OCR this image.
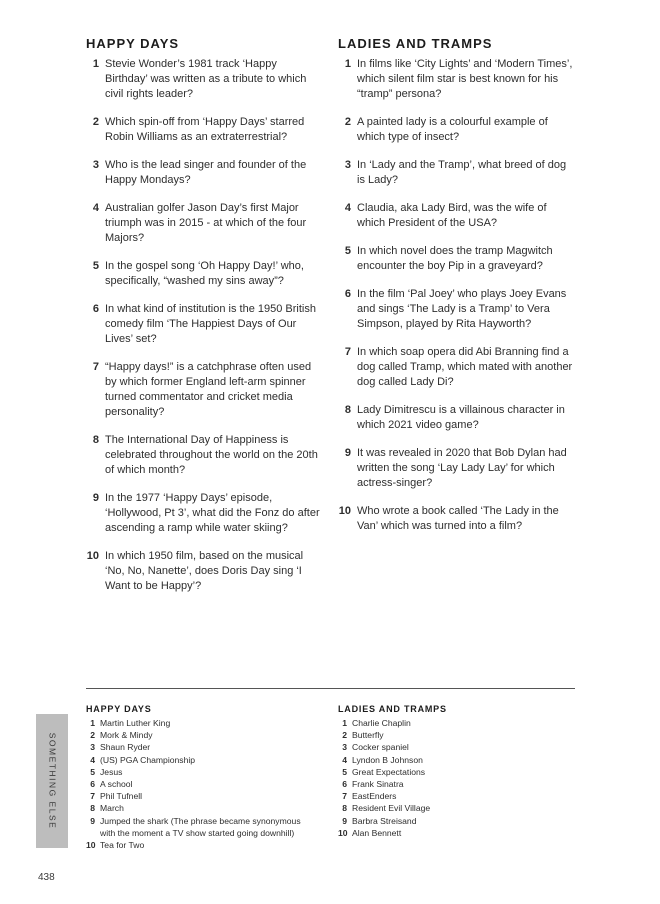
HAPPY DAYS
1 Stevie Wonder’s 1981 track ‘Happy Birthday’ was written as a tribute to which civil rights leader?
2 Which spin-off from ‘Happy Days’ starred Robin Williams as an extraterrestrial?
3 Who is the lead singer and founder of the Happy Mondays?
4 Australian golfer Jason Day’s first Major triumph was in 2015 - at which of the four Majors?
5 In the gospel song ‘Oh Happy Day!’ who, specifically, “washed my sins away”?
6 In what kind of institution is the 1950 British comedy film ‘The Happiest Days of Our Lives’ set?
7 “Happy days!” is a catchphrase often used by which former England left-arm spinner turned commentator and cricket media personality?
8 The International Day of Happiness is celebrated throughout the world on the 20th of which month?
9 In the 1977 ‘Happy Days’ episode, ‘Hollywood, Pt 3’, what did the Fonz do after ascending a ramp while water skiing?
10 In which 1950 film, based on the musical ‘No, No, Nanette’, does Doris Day sing ‘I Want to be Happy’?
LADIES AND TRAMPS
1 In films like ‘City Lights’ and ‘Modern Times’, which silent film star is best known for his “tramp” persona?
2 A painted lady is a colourful example of which type of insect?
3 In ‘Lady and the Tramp’, what breed of dog is Lady?
4 Claudia, aka Lady Bird, was the wife of which President of the USA?
5 In which novel does the tramp Magwitch encounter the boy Pip in a graveyard?
6 In the film ‘Pal Joey’ who plays Joey Evans and sings ‘The Lady is a Tramp’ to Vera Simpson, played by Rita Hayworth?
7 In which soap opera did Abi Branning find a dog called Tramp, which mated with another dog called Lady Di?
8 Lady Dimitrescu is a villainous character in which 2021 video game?
9 It was revealed in 2020 that Bob Dylan had written the song ‘Lay Lady Lay’ for which actress-singer?
10 Who wrote a book called ‘The Lady in the Van’ which was turned into a film?
HAPPY DAYS
1 Martin Luther King
2 Mork & Mindy
3 Shaun Ryder
4 (US) PGA Championship
5 Jesus
6 A school
7 Phil Tufnell
8 March
9 Jumped the shark (The phrase became synonymous with the moment a TV show started going downhill)
10 Tea for Two
LADIES AND TRAMPS
1 Charlie Chaplin
2 Butterfly
3 Cocker spaniel
4 Lyndon B Johnson
5 Great Expectations
6 Frank Sinatra
7 EastEnders
8 Resident Evil Village
9 Barbra Streisand
10 Alan Bennett
SOMETHING ELSE
438
